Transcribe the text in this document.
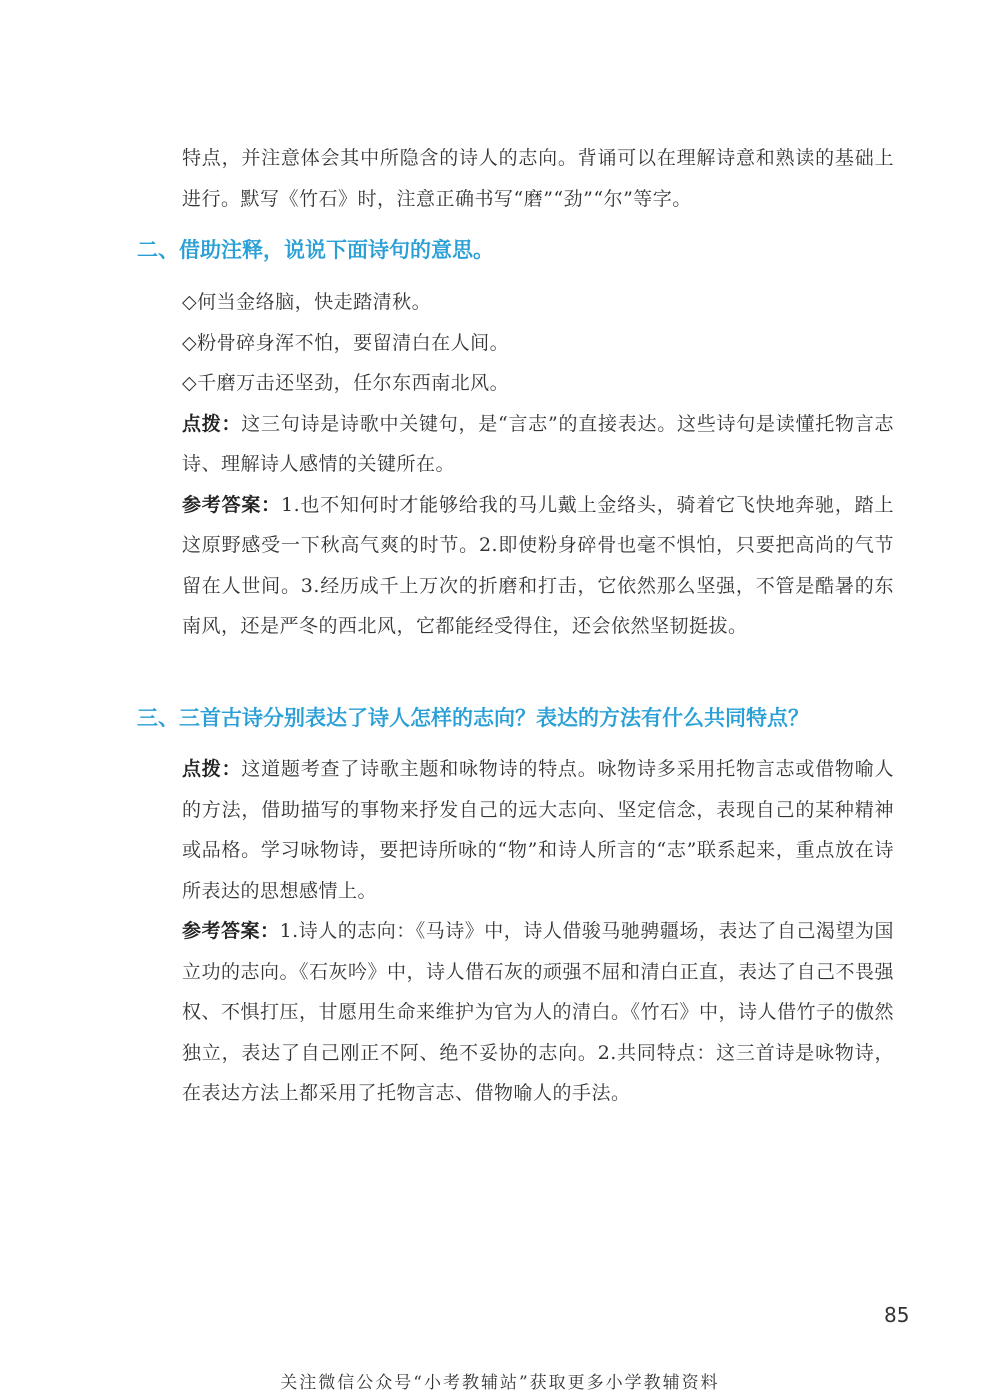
特点，并注意体会其中所隐含的诗人的志向。背诵可以在理解诗意和熟读的基础上进行。默写《竹石》时，注意正确书写“磨”“劲”“尔”等字。

二、借助注释，说说下面诗句的意思。
◇何当金络脑，快走踏清秋。
◇粉骨碎身浑不怕，要留清白在人间。
◇千磨万击还坚劲，任尔东西南北风。

点拨：这三句诗是诗歌中关键句，是“言志”的直接表达。这些诗句是读懂托物言志诗、理解诗人感情的关键所在。

参考答案：1.也不知何时才能够给我的马儿戴上金络头，骑着它飞快地奔驰，踏上这原野感受一下秋高气爽的时节。2.即使粉身碎骨也毫不惧怕，只要把高尚的气节留在人世间。3.经历成千上万次的折磨和打击，它依然那么坚强，不管是酷暑的东南风，还是严冬的西北风，它都能经受得住，还会依然坚韧挺拔。

三、三首古诗分别表达了诗人怎样的志向？表达的方法有什么共同特点？

点拨：这道题考查了诗歌主题和咏物诗的特点。咏物诗多采用托物言志或借物喻人的方法，借助描写的事物来抒发自己的远大志向、坚定信念，表现自己的某种精神或品格。学习咏物诗，要把诗所咏的“物”和诗人所言的“志”联系起来，重点放在诗所表达的思想感情上。

参考答案：1.诗人的志向：《马诗》中，诗人借骏马驰骋疆场，表达了自己渴望为国立功的志向。《石灰吟》中，诗人借石灰的顽强不屈和清白正直，表达了自己不畏强权、不惧打压，甘愿用生命来维护为官为人的清白。《竹石》中，诗人借竹子的傲然独立，表达了自己刚正不阿、绝不妥协的志向。2.共同特点：这三首诗是咏物诗，在表达方法上都采用了托物言志、借物喻人的手法。

85
关注微信公众号“小考教辅站”获取更多小学教辅资料
